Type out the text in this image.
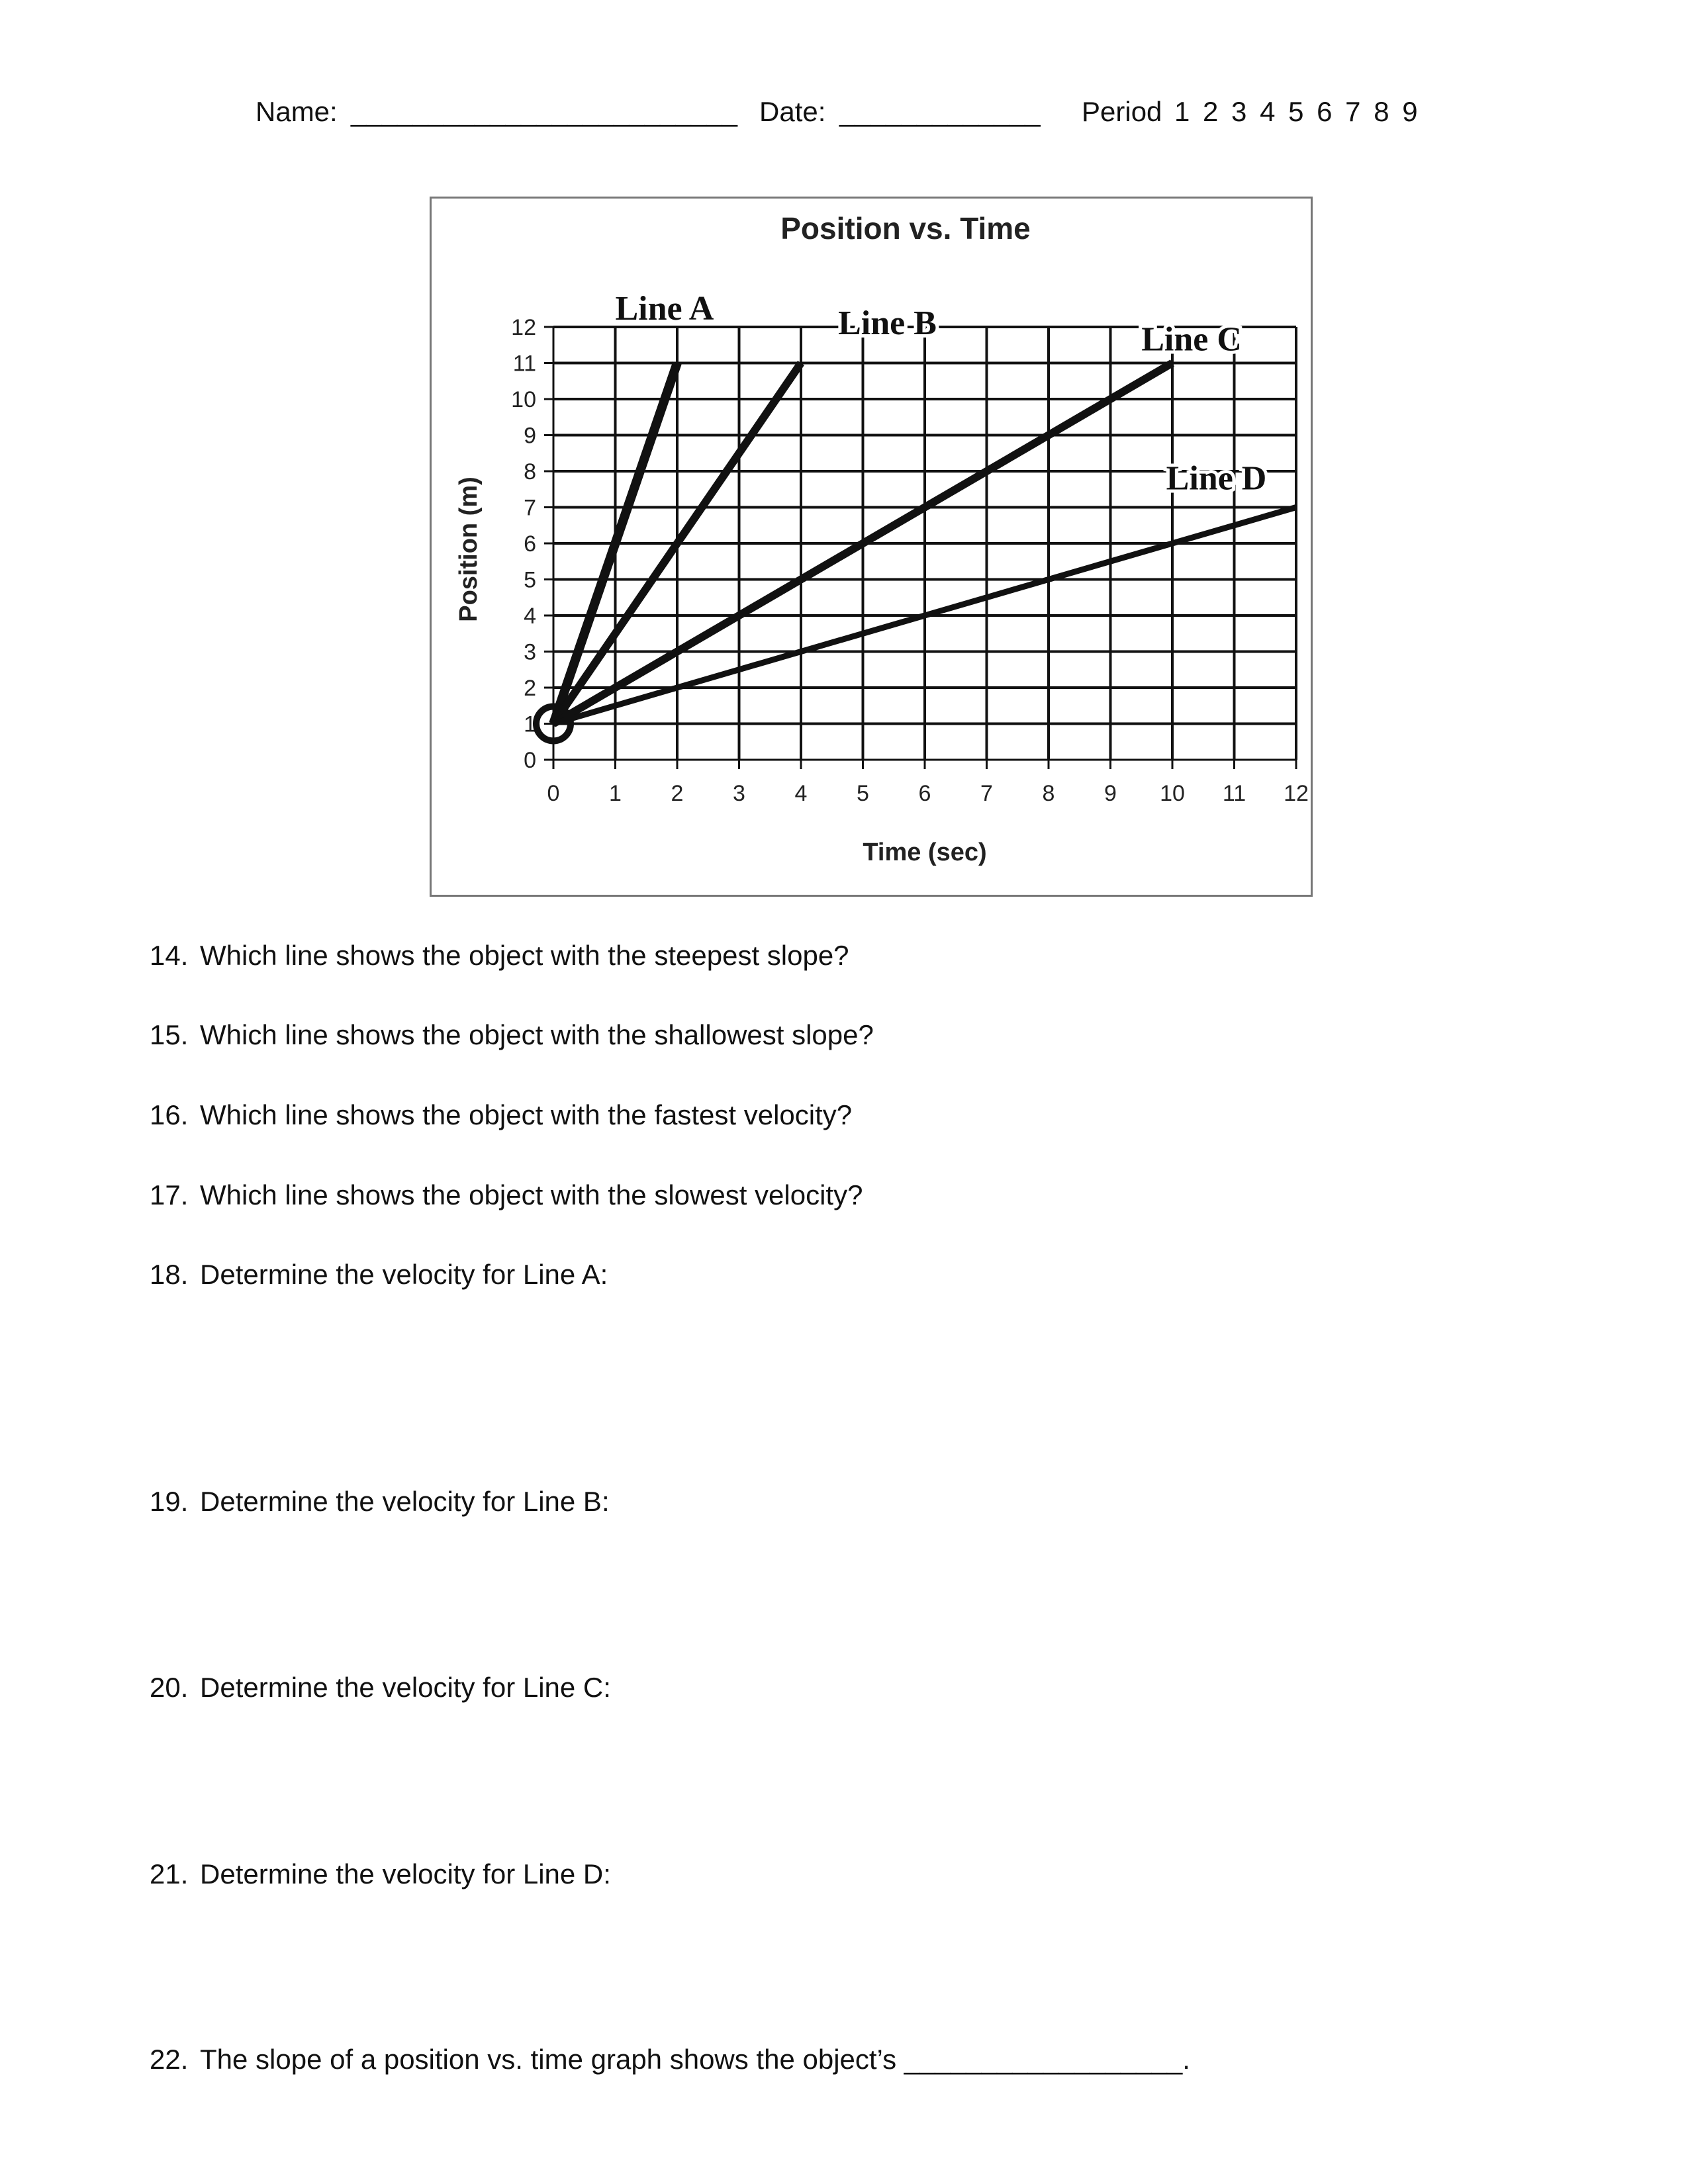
Name: _________________________ Date: _____________ Period 1 2 3 4 5 6 7 8 9
Position vs. Time
0
1
2
3
4
5
6
7
8
9
10
11
12
0 1 2 3 4 5 6 7 8 9 10 11 12
Line A	Line B	Line C
Line D
Time (sec)
Position (m)
14. Which line shows the object with the steepest slope?
15. Which line shows the object with the shallowest slope?
16. Which line shows the object with the fastest velocity?
17. Which line shows the object with the slowest velocity?
18. Determine the velocity for Line A:
19. Determine the velocity for Line B:
20. Determine the velocity for Line C:
21. Determine the velocity for Line D:
22. The slope of a position vs. time graph shows the object’s __________________.
